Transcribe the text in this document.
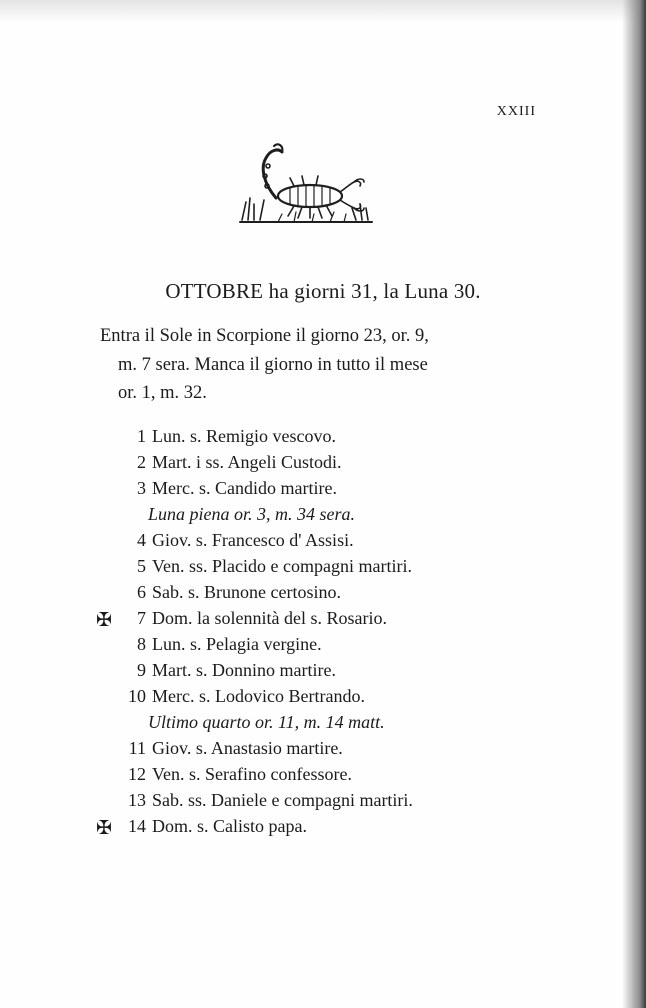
XXIII
OTTOBRE ha giorni 31, la Luna 30.
Entra il Sole in Scorpione il giorno 23, or. 9,
m. 7 sera. Manca il giorno in tutto il mese
or. 1, m. 32.
1 Lun. s. Remigio vescovo.
2 Mart. i ss. Angeli Custodi.
3 Merc. s. Candido martire.
Luna piena or. 3, m. 34 sera.
4 Giov. s. Francesco d' Assisi.
5 Ven. ss. Placido e compagni martiri.
6 Sab. s. Brunone certosino.
✠ 7 Dom. la solennità del s. Rosario.
8 Lun. s. Pelagia vergine.
9 Mart. s. Donnino martire.
10 Merc. s. Lodovico Bertrando.
Ultimo quarto or. 11, m. 14 matt.
11 Giov. s. Anastasio martire.
12 Ven. s. Serafino confessore.
13 Sab. ss. Daniele e compagni martiri.
✠ 14 Dom. s. Calisto papa.
